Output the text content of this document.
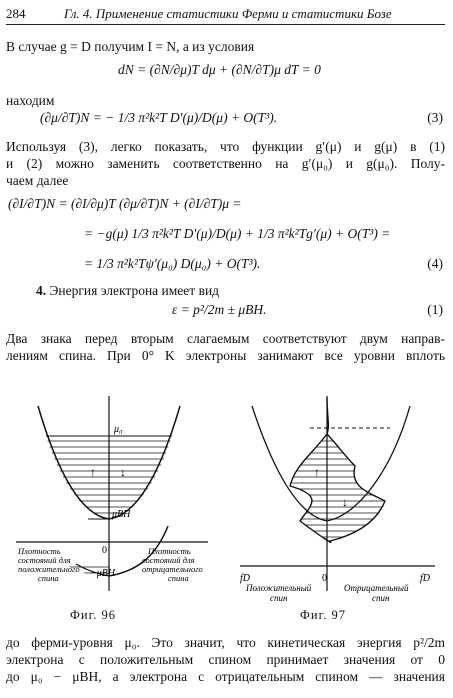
284	Гл. 4. Применение статистики Ферми и статистики Бозе
В случае g = D получим I = N, а из условия
dN = (∂N/∂μ)T dμ + (∂N/∂T)μ dT = 0
находим
(∂μ/∂T)N = − 1/3 π²k²T D′(μ)/D(μ) + O(T³).	(3)
Используя (3), легко показать, что функции g′(μ) и g(μ) в (1)
и (2) можно заменить соответственно на g′(μ₀) и g(μ₀). Полу-
чаем далее
(∂I/∂T)N = (∂I/∂μ)T (∂μ/∂T)N + (∂I/∂T)μ =
= −g(μ) 1/3 π²k²T D′(μ)/D(μ) + 1/3 π²k²Tg′(μ) + O(T³) =
= 1/3 π²k²Tψ′(μ₀) D(μ₀) + O(T³).	(4)
4. Энергия электрона имеет вид
ε = p²/2m ± μBH.	(1)
Два знака перед вторым слагаемым соответствуют двум направ-
лениям спина. При 0° K электроны занимают все уровни вплоть
↑ ↓
μ₀
μBH
0
−μBH
Плотность состояний для положительного спина
Плотность состояний для отрицательного спина
Фиг. 96
↑
↓
fD	fD
0
Положительный спин
Отрицательный спин
Фиг. 97
до ферми-уровня μ₀. Это значит, что кинетическая энергия p²/2m
электрона с положительным спином принимает значения от 0
до μ₀ − μBH, а электрона с отрицательным спином — значения
